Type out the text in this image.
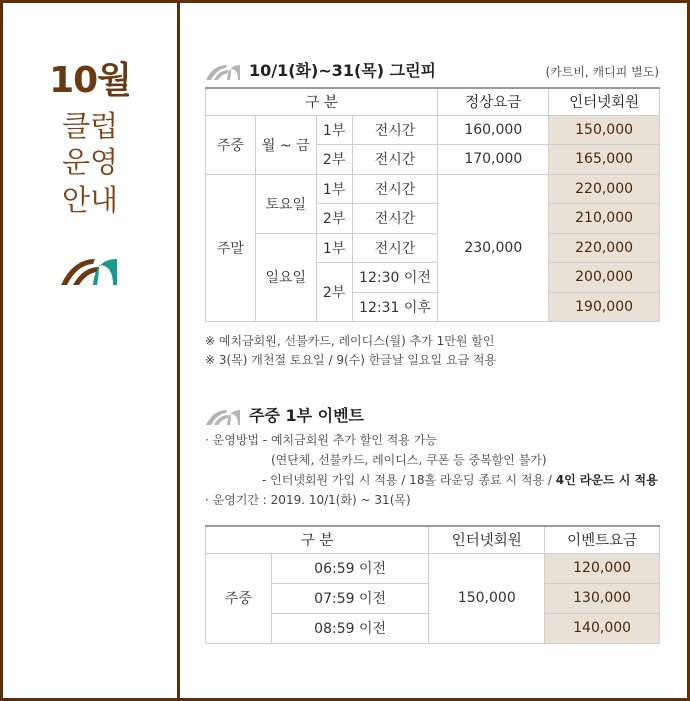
10월
클럽
운영
안내
10/1(화)~31(목) 그린피	(카트비, 캐디피 별도)
구 분				정상요금	인터넷회원
주중	월 ~ 금	1부	전시간	160,000	150,000
		2부	전시간	170,000	165,000
주말	토요일	1부	전시간	230,000	220,000
		2부	전시간		210,000
	일요일	1부	전시간		220,000
		2부	12:30 이전		200,000
			12:31 이후		190,000
※ 예치금회원, 선불카드, 레이디스(월) 추가 1만원 할인
※ 3(목) 개천절 토요일 / 9(수) 한글날 일요일 요금 적용
주중 1부 이벤트
· 운영방법 - 예치금회원 추가 할인 적용 가능
(연단체, 선불카드, 레이디스, 쿠폰 등 중복할인 불가)
- 인터넷회원 가입 시 적용 / 18홀 라운딩 종료 시 적용 / 4인 라운드 시 적용
· 운영기간 : 2019. 10/1(화) ~ 31(목)
구 분		인터넷회원	이벤트요금
주중	06:59 이전	150,000	120,000
	07:59 이전		130,000
	08:59 이전		140,000
